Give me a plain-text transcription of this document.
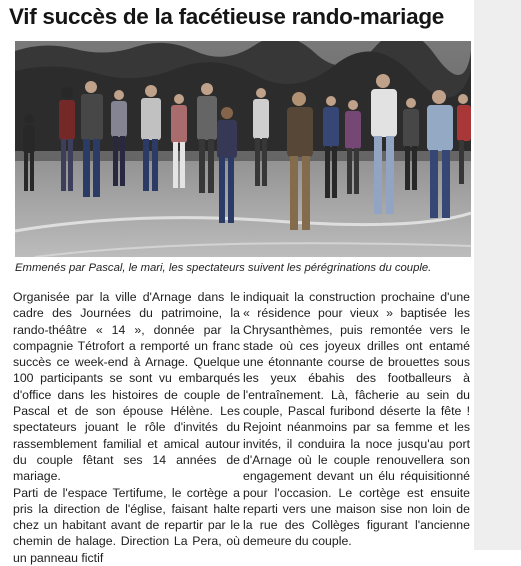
Vif succès de la facétieuse rando-mariage
Emmenés par Pascal, le mari, les spectateurs suivent les pérégrinations du couple.

Organisée par la ville d'Arnage dans le cadre des Journées du patrimoine, la rando-théâtre « 14 », donnée par la compagnie Tétrofort a remporté un franc succès ce week-end à Arnage. Quelque 100 participants se sont vu embarqués d'office dans les histoires de couple de Pascal et de son épouse Hélène. Les spectateurs jouant le rôle d'invités du rassemblement familial et amical autour du couple fêtant ses 14 années de mariage.

Parti de l'espace Tertifume, le cortège a pris la direction de l'église, faisant halte chez un habitant avant de repartir par le chemin de halage. Direction La Pera, où un panneau fictif

indiquait la construction prochaine d'une « résidence pour vieux » baptisée les Chrysanthèmes, puis remontée vers le stade où ces joyeux drilles ont entamé une étonnante course de brouettes sous les yeux ébahis des footballeurs à l'entraînement. Là, fâcherie au sein du couple, Pascal furibond déserte la fête ! Rejoint néanmoins par sa femme et les invités, il conduira la noce jusqu'au port d'Arnage où le couple renouvellera son engagement devant un élu réquisitionné pour l'occasion. Le cortège est ensuite reparti vers une maison sise non loin de la rue des Collèges figurant l'ancienne demeure du couple.
